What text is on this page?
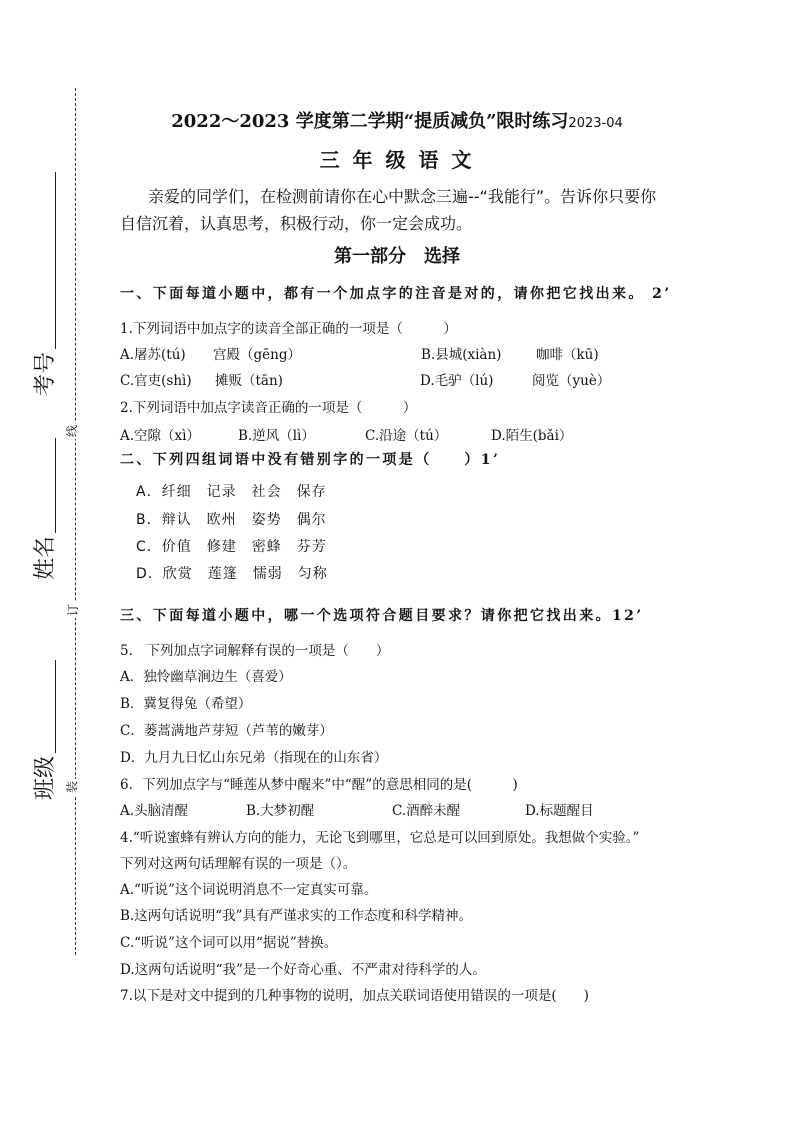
考号
姓名
班级
线
订
装
2022～2023 学度第二学期“提质减负”限时练习2023-04
三 年 级 语 文
亲爱的同学们，在检测前请你在心中默念三遍--“我能行”。告诉你只要你
自信沉着，认真思考，积极行动，你一定会成功。
第一部分　选择
一、下面每道小题中，都有一个加点字的注音是对的，请你把它找出来。 2’
1.下列词语中加点字的读音全部正确的一项是（　　　）
A.屠苏(tú) 宫殿（gēng）	B.县城(xiàn)	咖啡（kū)
C.官吏(shì) 摊贩（tān)	D.毛驴（lú)	阅览（yuè）
2.下列词语中加点字读音正确的一项是（　　　）
A.空隙（xì）	B.逆风（lì）	C.沿途（tú）	D.陌生(bǎi）
二、下列四组词语中没有错别字的一项是（　　）1’
A．纤细　记录　社会　保存
B．辩认　欧州　姿势　偶尔
C．价值　修建　密蜂　芬芳
D．欣赏　莲篷　懦弱　匀称
三、下面每道小题中，哪一个选项符合题目要求？请你把它找出来。12’
5.　下列加点字词解释有误的一项是（　　）
A．独怜幽草涧边生（喜爱）
B．冀复得兔（希望）
C．蒌蒿满地芦芽短（芦苇的嫩芽）
D．九月九日忆山东兄弟（指现在的山东省）
6．下列加点字与“睡莲从梦中醒来”中“醒”的意思相同的是(　　　)
A.头脑清醒	B.大梦初醒	C.酒醉未醒	D.标题醒目
4.“听说蜜蜂有辨认方向的能力，无论飞到哪里，它总是可以回到原处。我想做个实验。”
下列对这两句话理解有误的一项是（）。
A.“听说”这个词说明消息不一定真实可靠。
B.这两句话说明“我”具有严谨求实的工作态度和科学精神。
C.“听说”这个词可以用“据说”替换。
D.这两句话说明“我”是一个好奇心重、不严肃对待科学的人。
7.以下是对文中提到的几种事物的说明，加点关联词语使用错误的一项是(　　)
